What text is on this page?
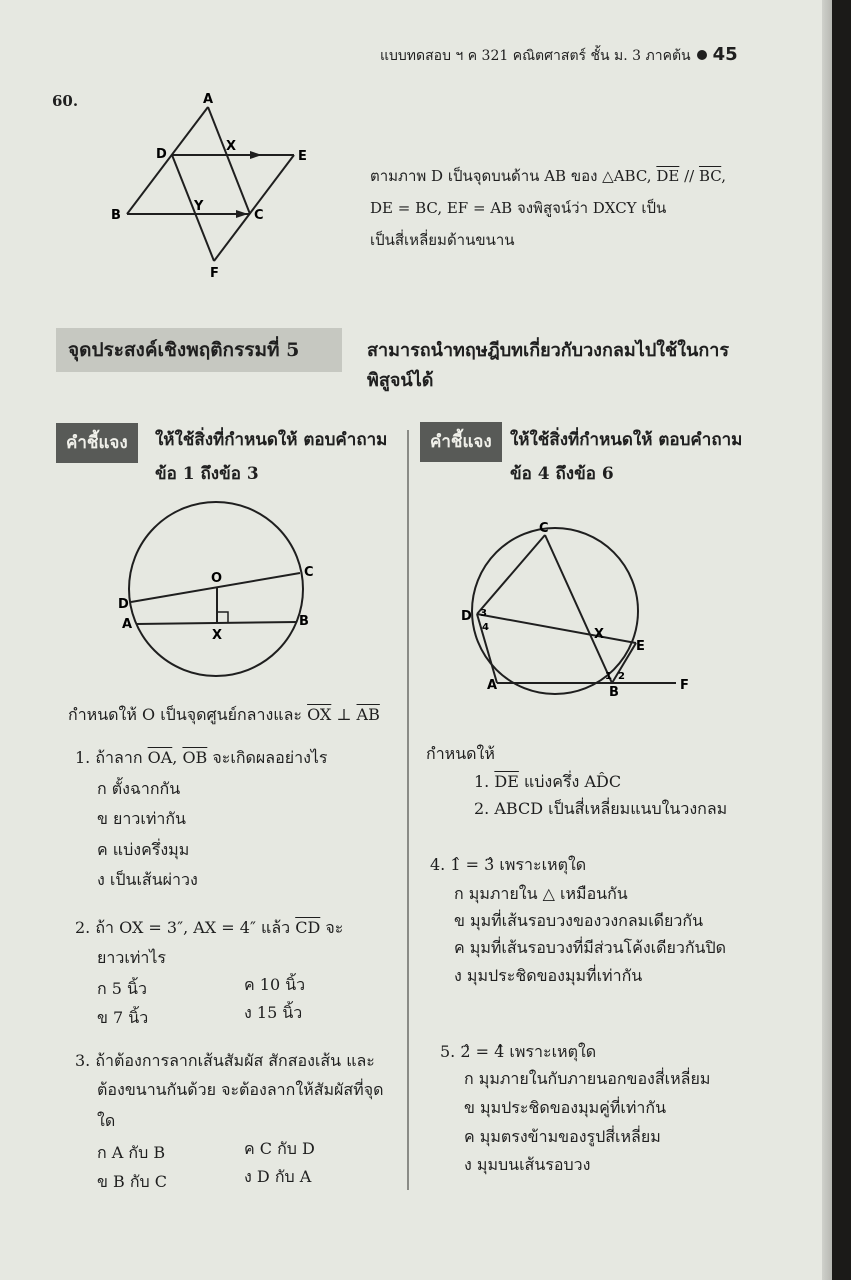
แบบทดสอบ ฯ ค 321 คณิตศาสตร์ ชั้น ม. 3 ภาคต้น 45
60.	A
D
X
E
B
Y
C
F
ตามภาพ D เป็นจุดบนด้าน AB ของ △ABC, $\overline{DE} // \overline{BC}$,
DE = BC, EF = AB จงพิสูจน์ว่า DXCY เป็น
เป็นสี่เหลี่ยมด้านขนาน
จุดประสงค์เชิงพฤติกรรมที่ 5	สามารถนำทฤษฎีบทเกี่ยวกับวงกลมไปใช้ในการพิสูจน์ได้
คำชี้แจง	ให้ใช้สิ่งที่กำหนดให้ ตอบคำถาม
ข้อ 1 ถึงข้อ 3
O	C
D
A
X
B
กำหนดให้ O เป็นจุดศูนย์กลางและ $\overline{OX}$ ⊥ $\overline{AB}$
1. ถ้าลาก $\overline{OA}$, $\overline{OB}$ จะเกิดผลอย่างไร
ก ตั้งฉากกัน
ข ยาวเท่ากัน
ค แบ่งครึ่งมุม
ง เป็นเส้นผ่าวง
2. ถ้า OX = 3″, AX = 4″ แล้ว $\overline{CD}$ จะ
ยาวเท่าไร
ก 5 นิ้ว	ค 10 นิ้ว
ข 7 นิ้ว	ง 15 นิ้ว
3. ถ้าต้องการลากเส้นสัมผัส สักสองเส้น และ
ต้องขนานกันด้วย จะต้องลากให้สัมผัสที่จุด
ใด
ก A กับ B	ค C กับ D
ข B กับ C	ง D กับ A
คำชี้แจง	ให้ใช้สิ่งที่กำหนดให้ ตอบคำถาม
ข้อ 4 ถึงข้อ 6
C
D 3
4	X
E
A
1 2
B	F
กำหนดให้
1. $\overline{DE}$ แบ่งครึ่ง AD̂C
2. ABCD เป็นสี่เหลี่ยมแนบในวงกลม
4. 1̂ = 3̂ เพราะเหตุใด
ก มุมภายใน △ เหมือนกัน
ข มุมที่เส้นรอบวงของวงกลมเดียวกัน
ค มุมที่เส้นรอบวงที่มีส่วนโค้งเดียวกันปิด
ง มุมประชิดของมุมที่เท่ากัน
5. 2̂ = 4̂ เพราะเหตุใด
ก มุมภายในกับภายนอกของสี่เหลี่ยม
ข มุมประชิดของมุมคู่ที่เท่ากัน
ค มุมตรงข้ามของรูปสี่เหลี่ยม
ง มุมบนเส้นรอบวง
